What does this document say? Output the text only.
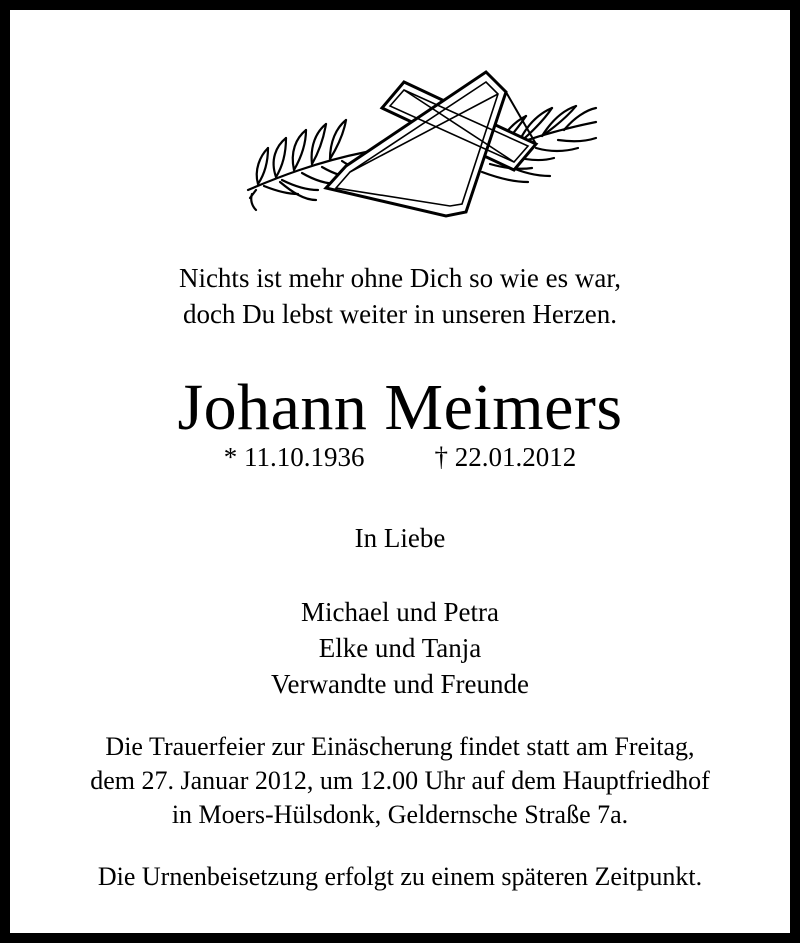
Nichts ist mehr ohne Dich so wie es war,
doch Du lebst weiter in unseren Herzen.
Johann Meimers
* 11.10.1936	† 22.01.2012
In Liebe
Michael und Petra
Elke und Tanja
Verwandte und Freunde
Die Trauerfeier zur Einäscherung findet statt am Freitag,
dem 27. Januar 2012, um 12.00 Uhr auf dem Hauptfriedhof
in Moers-Hülsdonk, Geldernsche Straße 7a.
Die Urnenbeisetzung erfolgt zu einem späteren Zeitpunkt.
